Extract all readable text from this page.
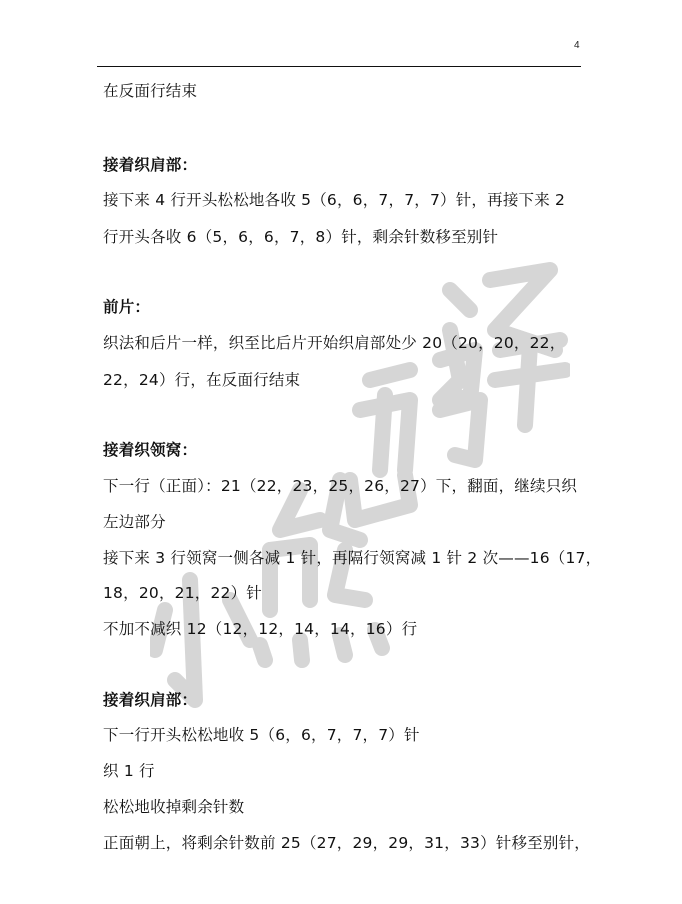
4
在反面行结束
接着织肩部：
接下来 4 行开头松松地各收 5（6，6，7，7，7）针，再接下来 2
行开头各收 6（5，6，6，7，8）针，剩余针数移至别针
前片：
织法和后片一样，织至比后片开始织肩部处少 20（20，20，22，
22，24）行，在反面行结束
接着织领窝：
下一行（正面）：21（22，23，25，26，27）下，翻面，继续只织
左边部分
接下来 3 行领窝一侧各减 1 针，再隔行领窝减 1 针 2 次——16（17，
18，20，21，22）针
不加不减织 12（12，12，14，14，16）行
接着织肩部：
下一行开头松松地收 5（6，6，7，7，7）针
织 1 行
松松地收掉剩余针数
正面朝上，将剩余针数前 25（27，29，29，31，33）针移至别针，
